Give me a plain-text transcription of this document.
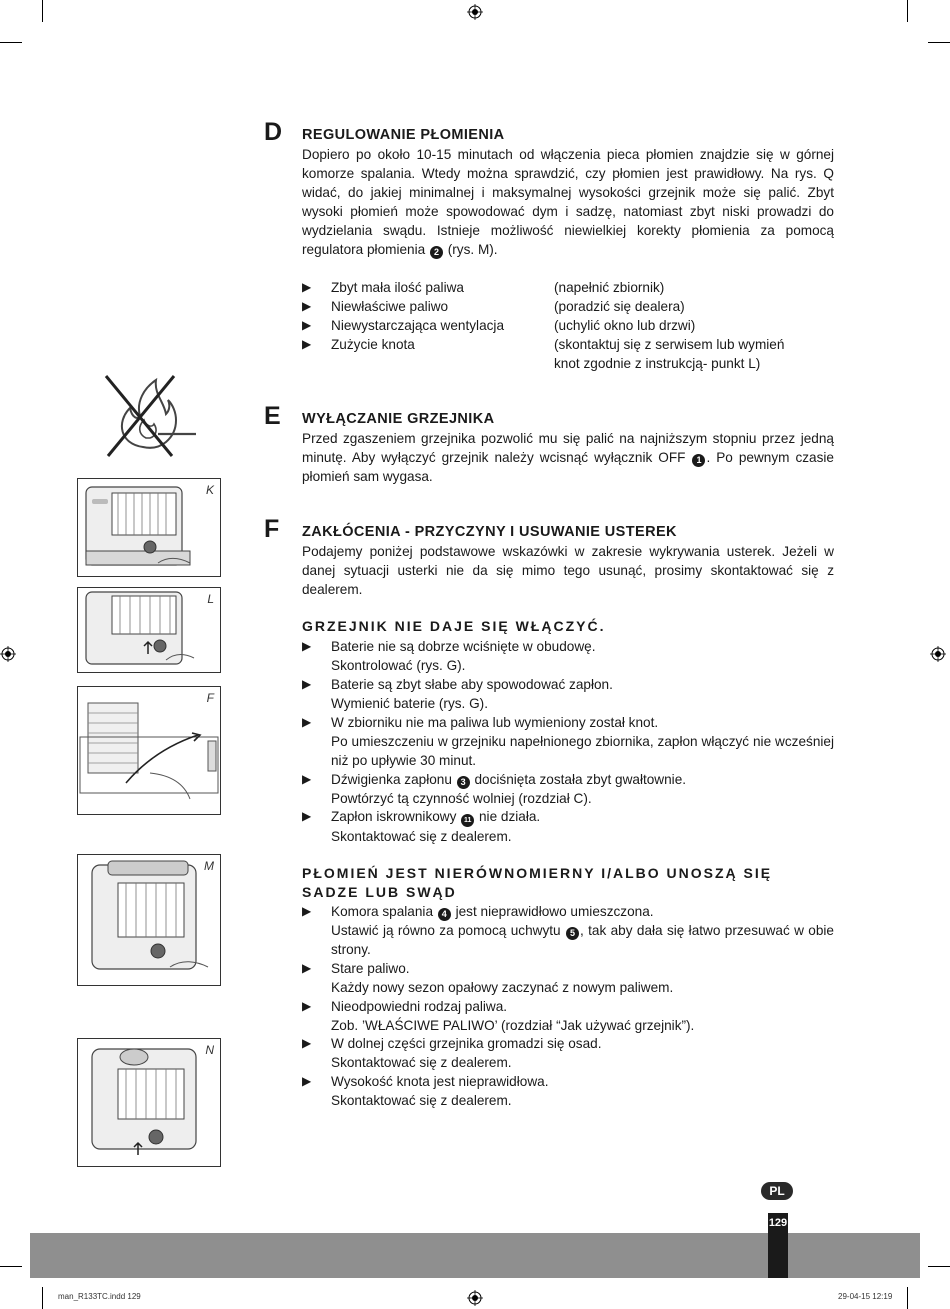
D REGULOWANIE PŁOMIENIA
Dopiero po około 10-15 minutach od włączenia pieca płomien znajdzie się w górnej komorze spalania. Wtedy można sprawdzić, czy płomien jest prawidłowy. Na rys. Q widać, do jakiej minimalnej i maksymalnej wysokości grzejnik może się palić. Zbyt wysoki płomień może spowodować dym i sadzę, natomiast zbyt niski prowadzi do wydzielania swądu. Istnieje możliwość niewielkiej korekty płomienia za pomocą regulatora płomienia 2 (rys. M).
▶ Zbyt mała ilość paliwa	(napełnić zbiornik)
▶ Niewłaściwe paliwo	(poradzić się dealera)
▶ Niewystarczająca wentylacja	(uchylić okno lub drzwi)
▶ Zużycie knota	(skontaktuj się z serwisem lub wymień
knot zgodnie z instrukcją- punkt L)
E WYŁĄCZANIE GRZEJNIKA
Przed zgaszeniem grzejnika pozwolić mu się palić na najniższym stopniu przez jedną minutę. Aby wyłączyć grzejnik należy wcisnąć wyłącznik OFF 1 . Po pewnym czasie płomień sam wygasa.
F ZAKŁÓCENIA - PRZYCZYNY I USUWANIE USTEREK
Podajemy poniżej podstawowe wskazówki w zakresie wykrywania usterek. Jeżeli w danej sytuacji usterki nie da się mimo tego usunąć, prosimy skontaktować się z dealerem.
GRZEJNIK NIE DAJE SIĘ WŁĄCZYĆ.
▶ Baterie nie są dobrze wciśnięte w obudowę.
Skontrolować (rys. G).
▶ Baterie są zbyt słabe aby spowodować zapłon.
Wymienić baterie (rys. G).
▶ W zbiorniku nie ma paliwa lub wymieniony został knot.
Po umieszczeniu w grzejniku napełnionego zbiornika, zapłon włączyć nie wcześniej niż po upływie 30 minut.
▶ Dźwigienka zapłonu 3 dociśnięta została zbyt gwałtownie.
Powtórzyć tą czynność wolniej (rozdział C).
▶ Zapłon iskrownikowy 11 nie działa.
Skontaktować się z dealerem.
PŁOMIEŃ JEST NIERÓWNOMIERNY I/ALBO UNOSZĄ SIĘ SADZE LUB SWĄD
▶ Komora spalania 4 jest nieprawidłowo umieszczona.
Ustawić ją równo za pomocą uchwytu 5 , tak aby dała się łatwo przesuwać w obie strony.
▶ Stare paliwo.
Każdy nowy sezon opałowy zaczynać z nowym paliwem.
▶ Nieodpowiedni rodzaj paliwa.
Zob. ’WŁAŚCIWE PALIWO’ (rozdział “Jak używać grzejnik”).
▶ W dolnej części grzejnika gromadzi się osad.
Skontaktować się z dealerem.
▶ Wysokość knota jest nieprawidłowa.
Skontaktować się z dealerem.
K
L
F
M
N
PL
129
man_R133TC.indd 129	29-04-15 12:19
